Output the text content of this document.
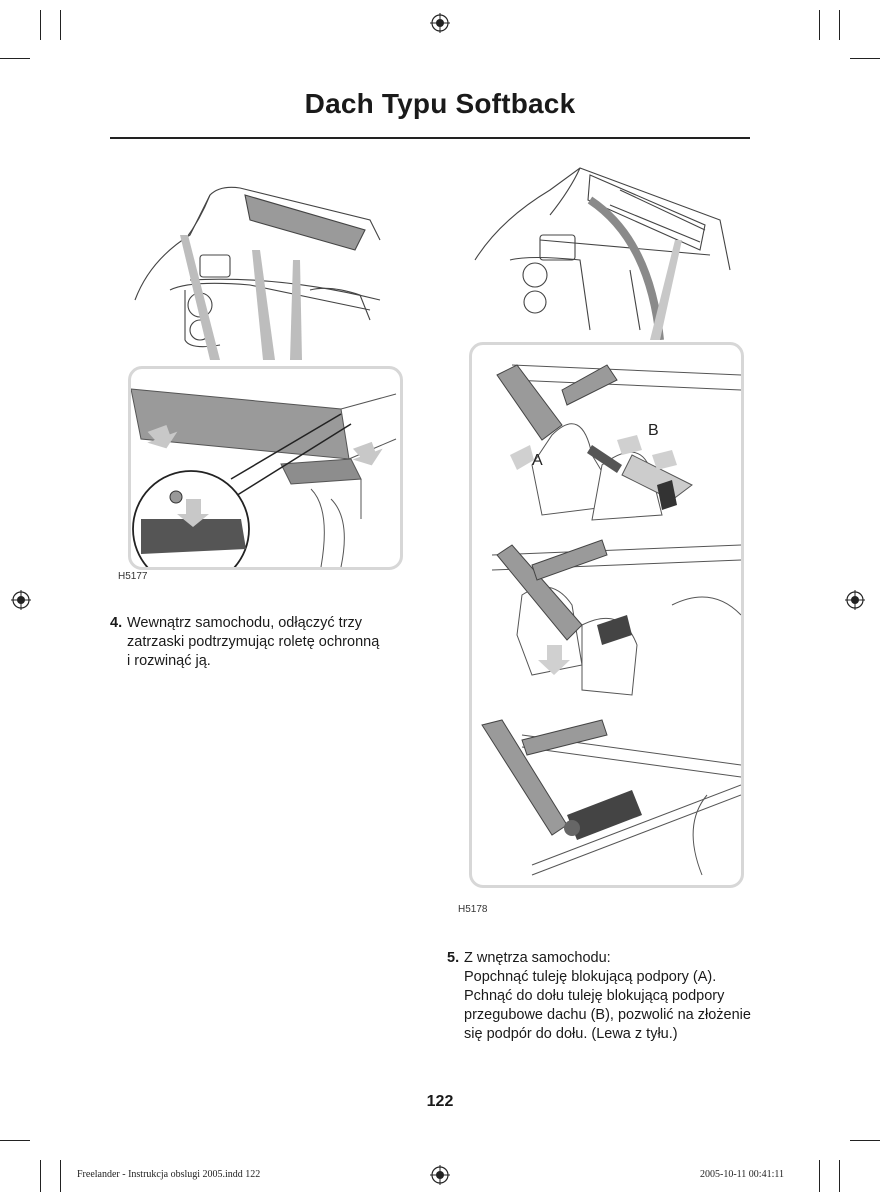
Dach Typu Softback
H5177
4. Wewnątrz samochodu, odłączyć trzy
zatrzaski podtrzymując roletę ochronną
i rozwinąć ją.
B
A
H5178
5. Z wnętrza samochodu:
Popchnąć tuleję blokującą podpory (A).
Pchnąć do dołu tuleję blokującą podpory
przegubowe dachu (B), pozwolić na złożenie
się podpór do dołu. (Lewa z tyłu.)
122
Freelander - Instrukcja obslugi 2005.indd 122	2005-10-11 00:41:11
